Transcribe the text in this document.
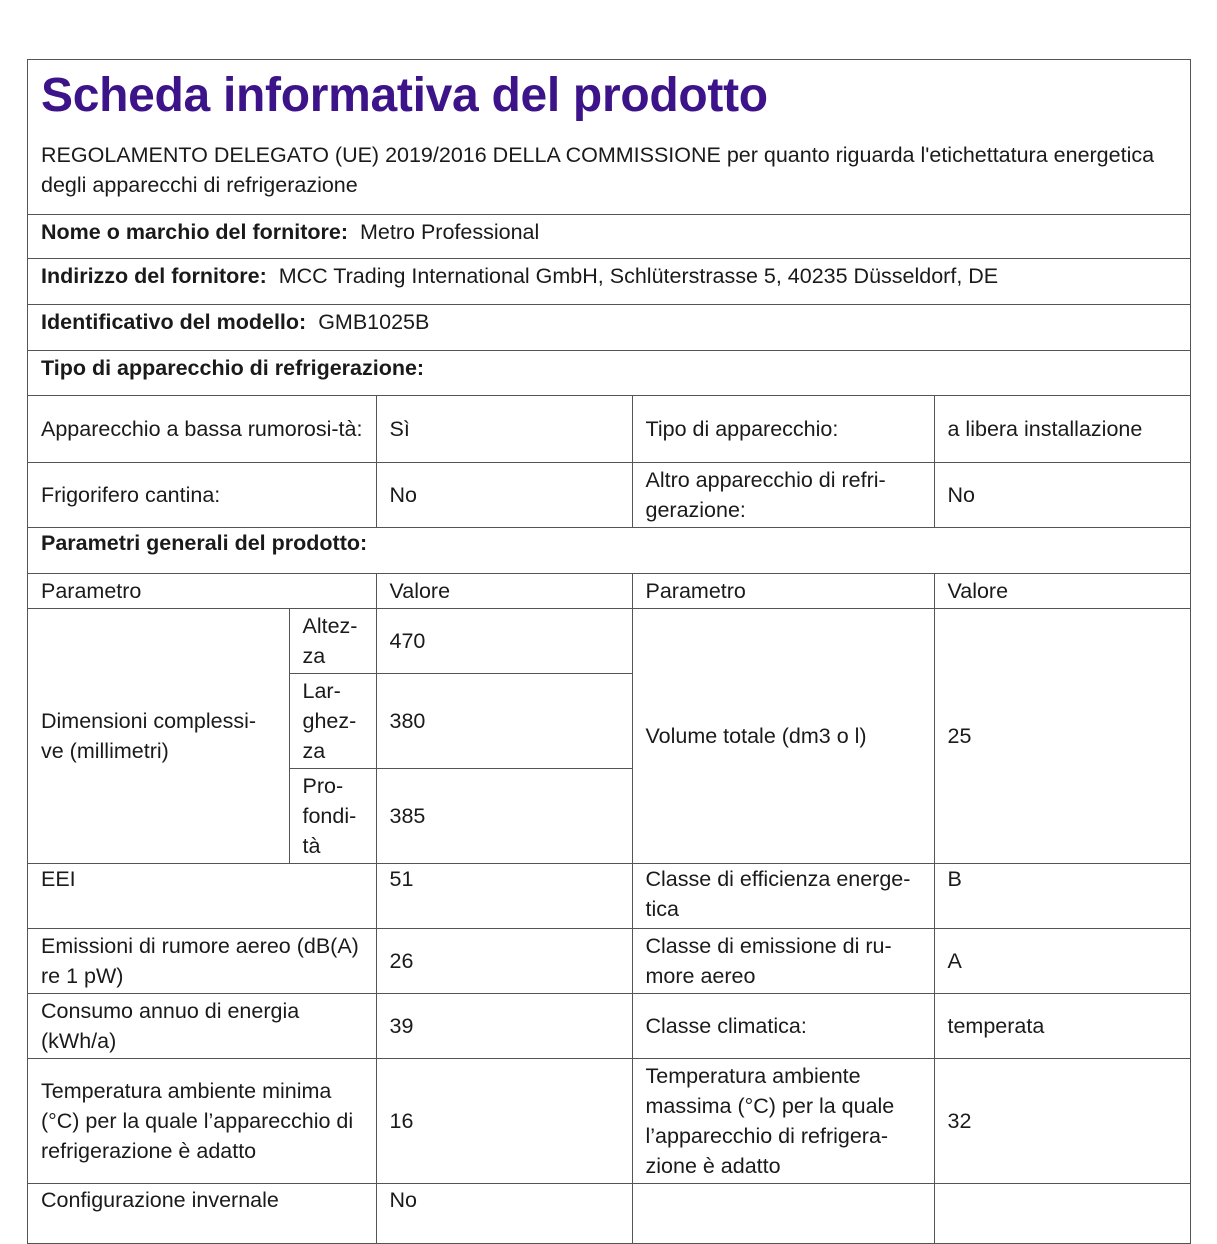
Scheda informativa del prodotto
REGOLAMENTO DELEGATO (UE) 2019/2016 DELLA COMMISSIONE per quanto riguarda l'etichettatura energetica degli apparecchi di refrigerazione
Nome o marchio del fornitore: Metro Professional
Indirizzo del fornitore: MCC Trading International GmbH, Schlüterstrasse 5, 40235 Düsseldorf, DE
Identificativo del modello: GMB1025B
Tipo di apparecchio di refrigerazione:
Apparecchio a bassa rumorosi-tà:		Sì	Tipo di apparecchio:	a libera installazione
Frigorifero cantina:		No	Altro apparecchio di refri-gerazione:	No
Parametri generali del prodotto:				
Parametro		Valore	Parametro	Valore
Dimensioni complessi-ve (millimetri)	Altez-za	470	Volume totale (dm3 o l)	25
	Lar-ghez-za	380		
	Pro-fondi-tà	385		
EEI		51	Classe di efficienza energe-tica	B
Emissioni di rumore aereo (dB(A) re 1 pW)		26	Classe di emissione di ru-more aereo	A
Consumo annuo di energia (kWh/a)		39	Classe climatica:	temperata
Temperatura ambiente minima (°C) per la quale l’apparecchio di refrigerazione è adatto		16	Temperatura ambiente massima (°C) per la quale l’apparecchio di refrigera-zione è adatto	32
Configurazione invernale		No		
